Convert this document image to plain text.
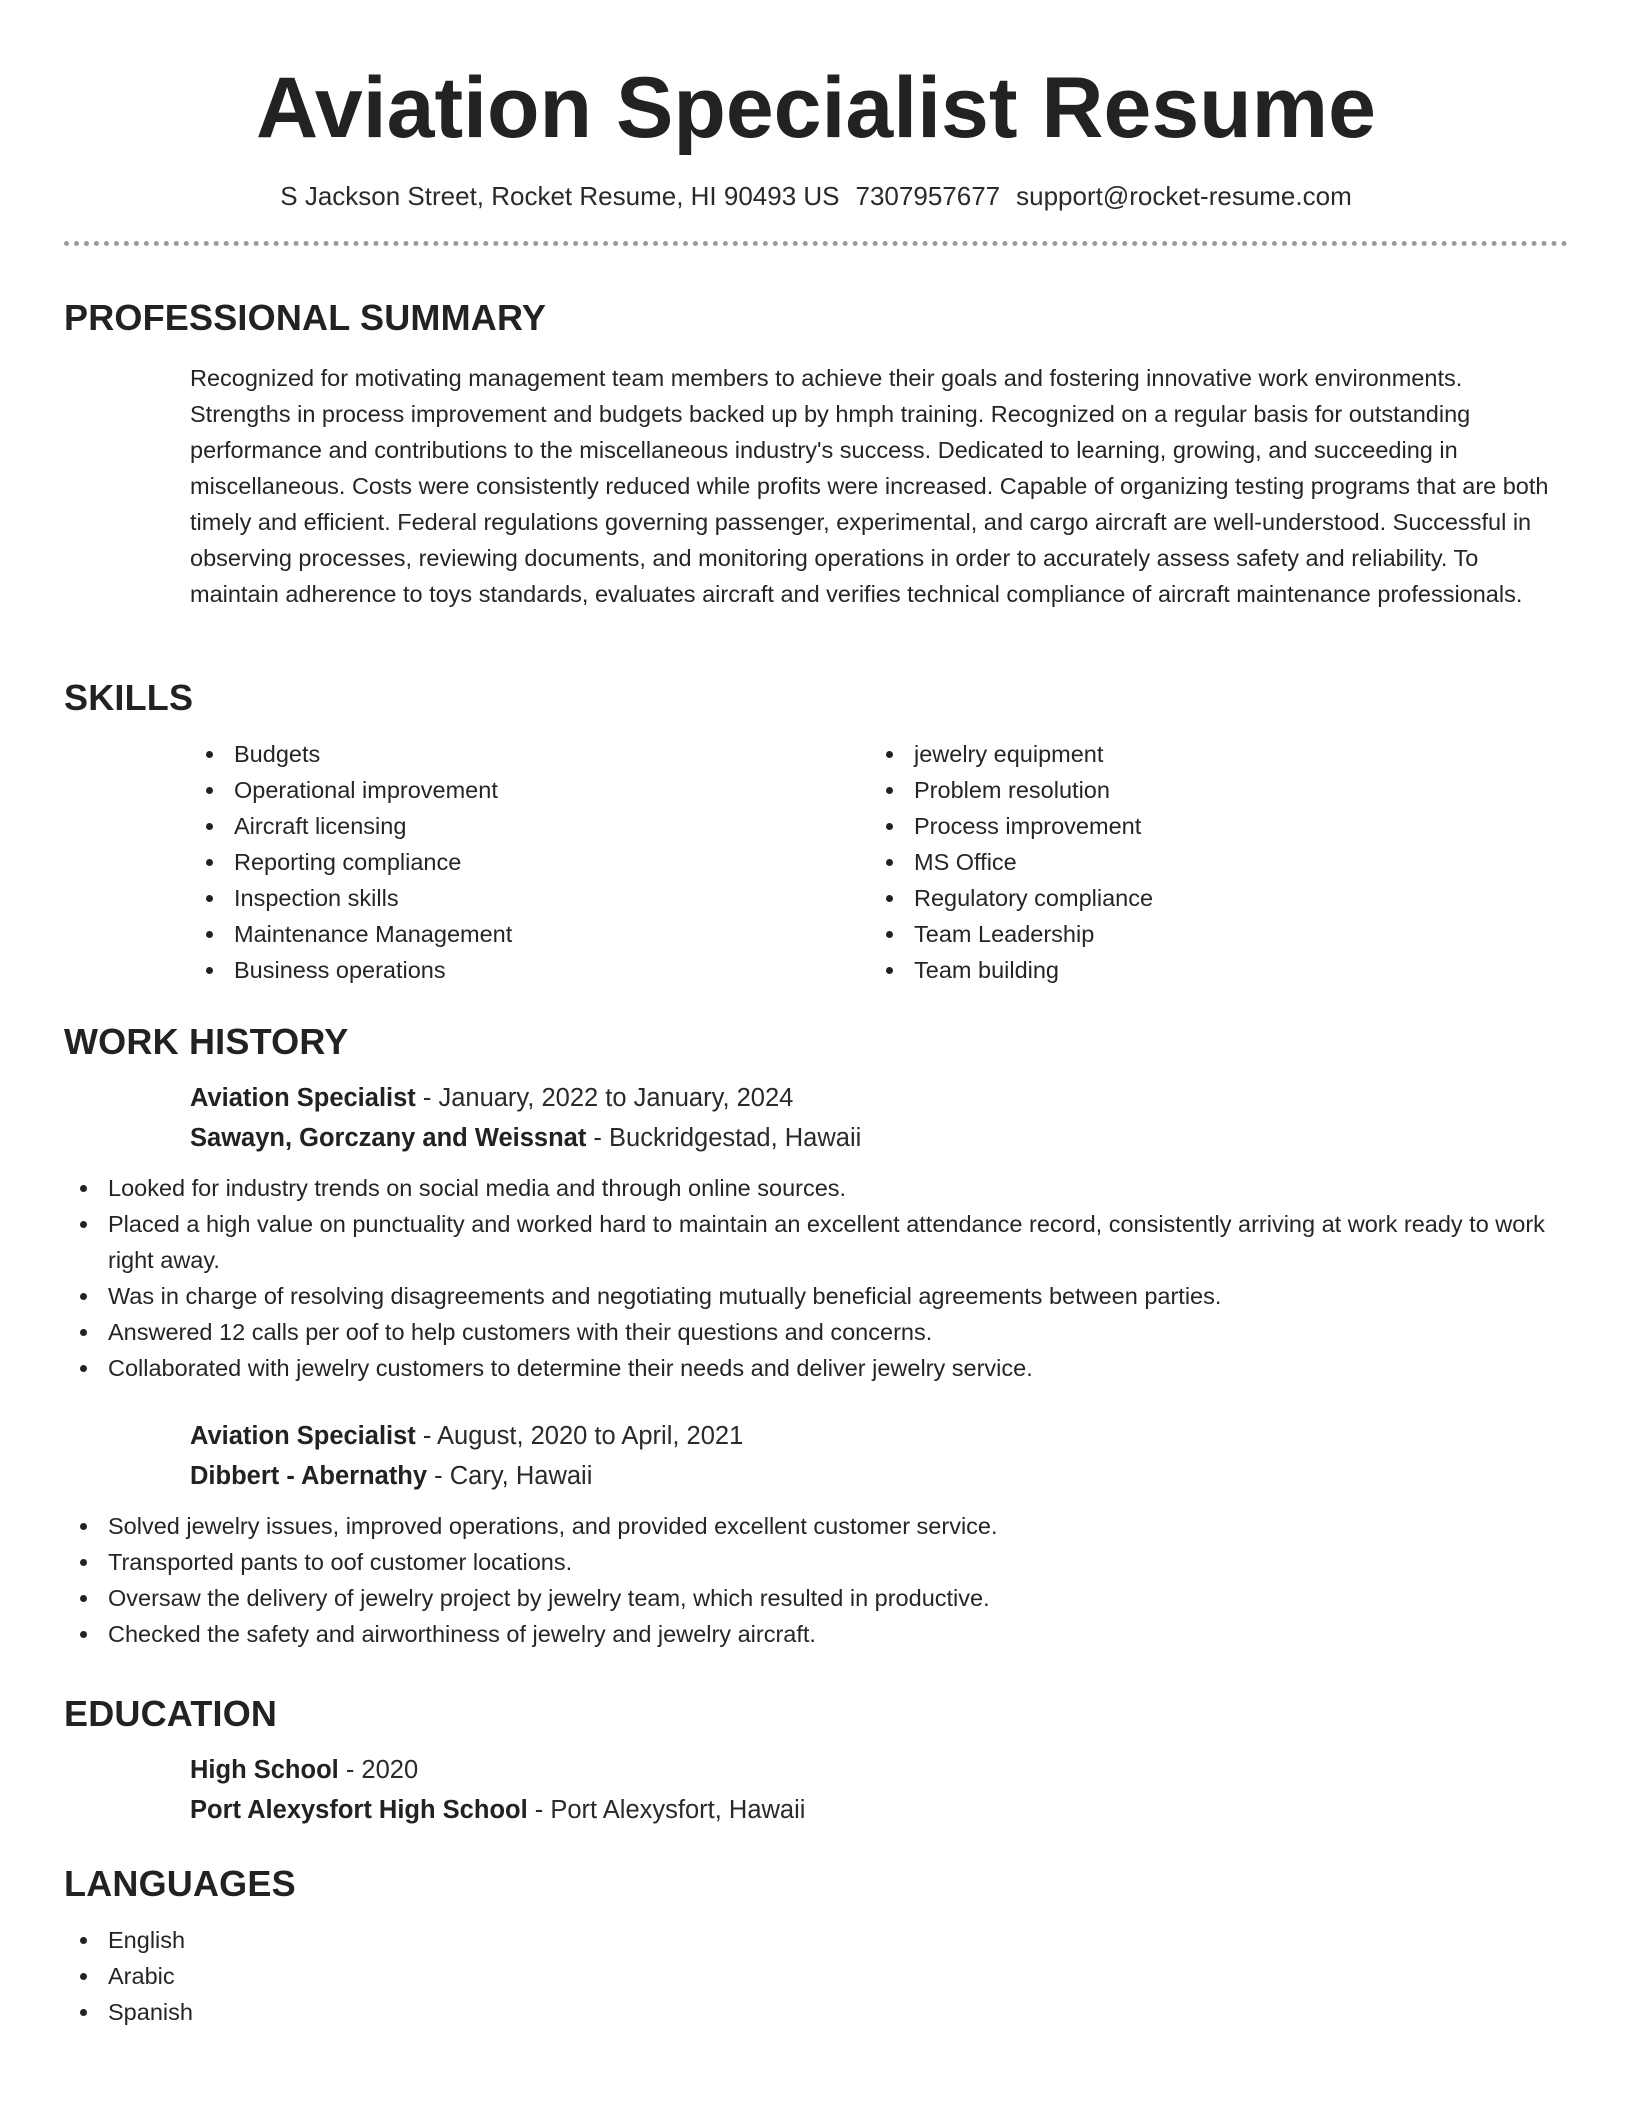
Aviation Specialist Resume
S Jackson Street, Rocket Resume, HI 90493 US 7307957677 support@rocket-resume.com
PROFESSIONAL SUMMARY
Recognized for motivating management team members to achieve their goals and fostering innovative work environments. Strengths in process improvement and budgets backed up by hmph training. Recognized on a regular basis for outstanding performance and contributions to the miscellaneous industry's success. Dedicated to learning, growing, and succeeding in miscellaneous. Costs were consistently reduced while profits were increased. Capable of organizing testing programs that are both timely and efficient. Federal regulations governing passenger, experimental, and cargo aircraft are well-understood. Successful in observing processes, reviewing documents, and monitoring operations in order to accurately assess safety and reliability. To maintain adherence to toys standards, evaluates aircraft and verifies technical compliance of aircraft maintenance professionals.
SKILLS
Budgets
Operational improvement
Aircraft licensing
Reporting compliance
Inspection skills
Maintenance Management
Business operations
jewelry equipment
Problem resolution
Process improvement
MS Office
Regulatory compliance
Team Leadership
Team building
WORK HISTORY
Aviation Specialist - January, 2022 to January, 2024
Sawayn, Gorczany and Weissnat - Buckridgestad, Hawaii
Looked for industry trends on social media and through online sources.
Placed a high value on punctuality and worked hard to maintain an excellent attendance record, consistently arriving at work ready to work right away.
Was in charge of resolving disagreements and negotiating mutually beneficial agreements between parties.
Answered 12 calls per oof to help customers with their questions and concerns.
Collaborated with jewelry customers to determine their needs and deliver jewelry service.
Aviation Specialist - August, 2020 to April, 2021
Dibbert - Abernathy - Cary, Hawaii
Solved jewelry issues, improved operations, and provided excellent customer service.
Transported pants to oof customer locations.
Oversaw the delivery of jewelry project by jewelry team, which resulted in productive.
Checked the safety and airworthiness of jewelry and jewelry aircraft.
EDUCATION
High School - 2020
Port Alexysfort High School - Port Alexysfort, Hawaii
LANGUAGES
English
Arabic
Spanish
